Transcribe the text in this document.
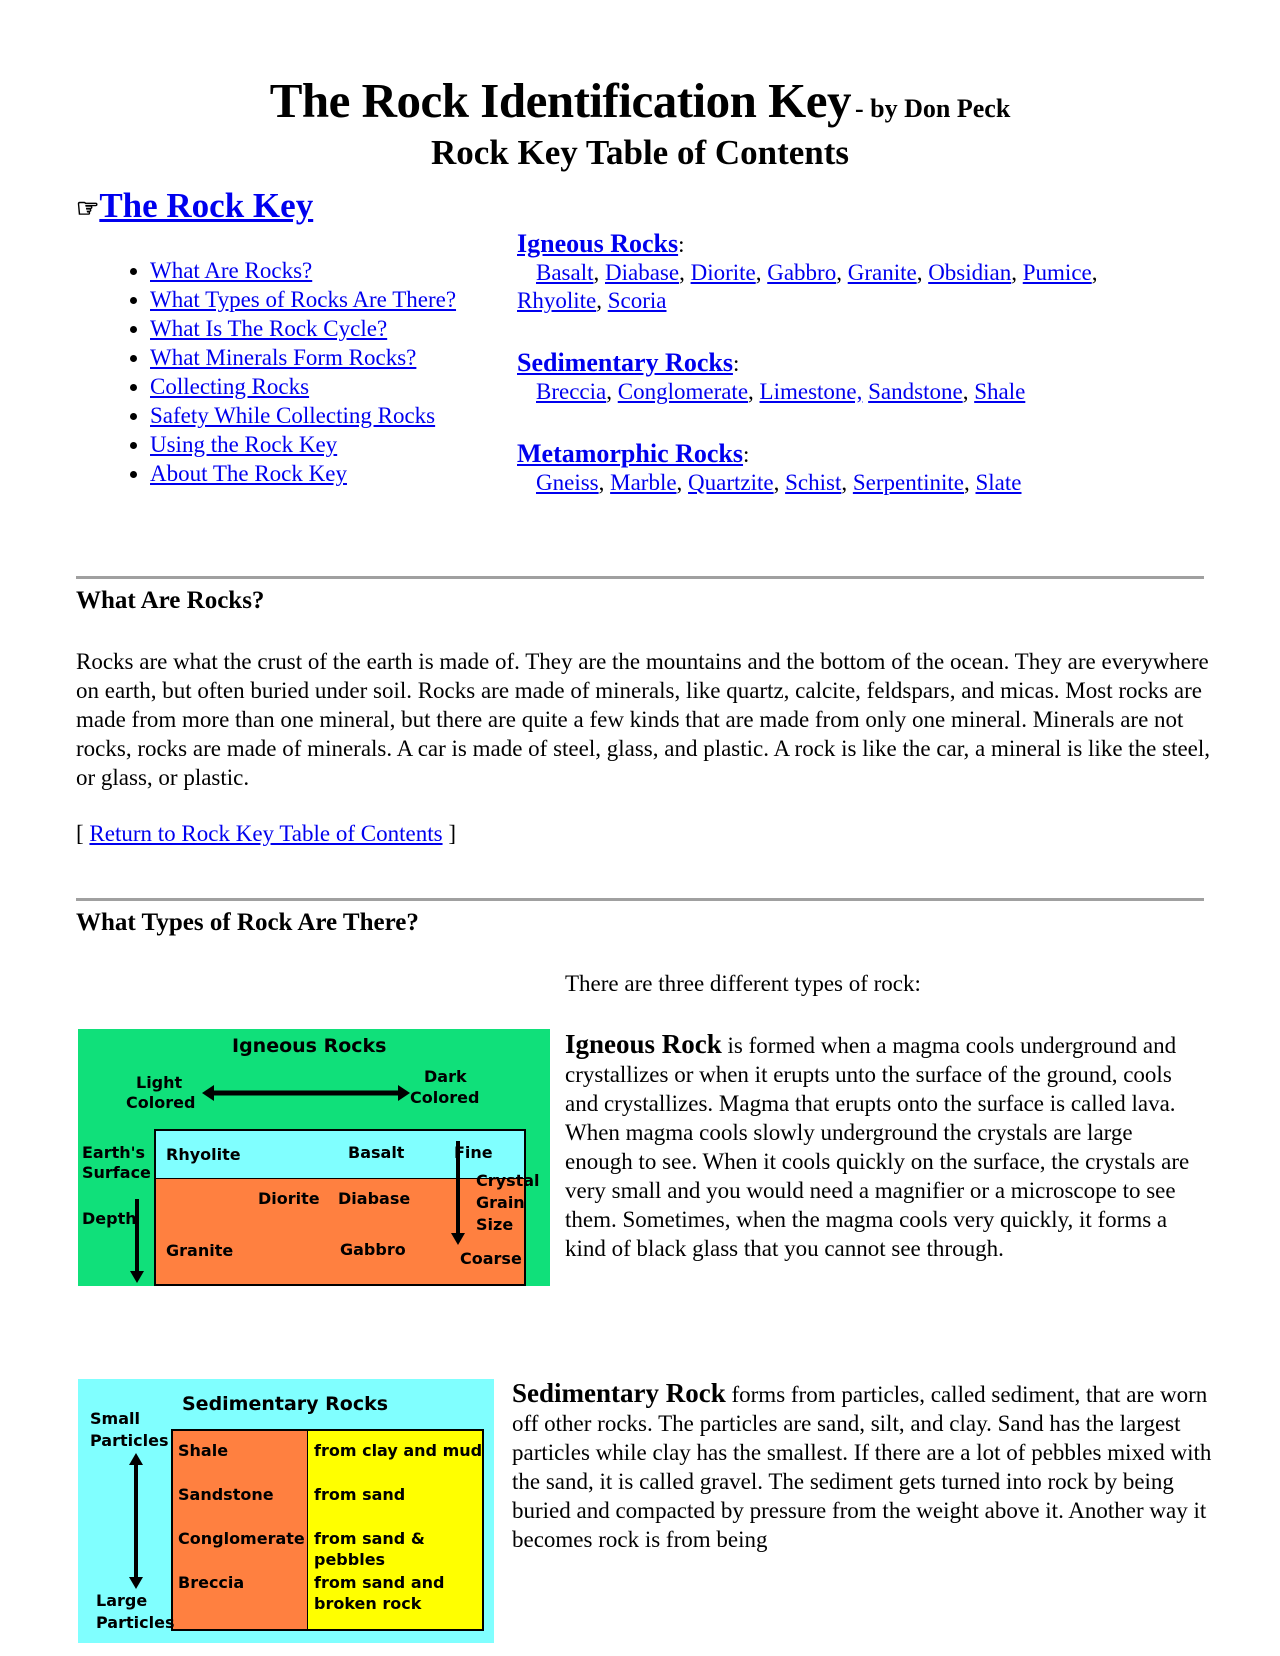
The Rock Identification Key - by Don Peck
Rock Key Table of Contents
☞The Rock Key
• What Are Rocks?
• What Types of Rocks Are There?
• What Is The Rock Cycle?
• What Minerals Form Rocks?
• Collecting Rocks
• Safety While Collecting Rocks
• Using the Rock Key
• About The Rock Key
Igneous Rocks:
Basalt, Diabase, Diorite, Gabbro, Granite, Obsidian, Pumice,
Rhyolite, Scoria
Sedimentary Rocks:
Breccia, Conglomerate, Limestone, Sandstone, Shale
Metamorphic Rocks:
Gneiss, Marble, Quartzite, Schist, Serpentinite, Slate
What Are Rocks?
Rocks are what the crust of the earth is made of. They are the mountains and the bottom of the ocean. They are everywhere on earth, but often buried under soil. Rocks are made of minerals, like quartz, calcite, feldspars, and micas. Most rocks are made from more than one mineral, but there are quite a few kinds that are made from only one mineral. Minerals are not rocks, rocks are made of minerals. A car is made of steel, glass, and plastic. A rock is like the car, a mineral is like the steel, or glass, or plastic.
[ Return to Rock Key Table of Contents ]
What Types of Rock Are There?
There are three different types of rock:
Igneous Rock is formed when a magma cools underground and crystallizes or when it erupts unto the surface of the ground, cools and crystallizes. Magma that erupts onto the surface is called lava. When magma cools slowly underground the crystals are large enough to see. When it cools quickly on the surface, the crystals are very small and you would need a magnifier or a microscope to see them. Sometimes, when the magma cools very quickly, it forms a kind of black glass that you cannot see through.
Sedimentary Rock forms from particles, called sediment, that are worn off other rocks. The particles are sand, silt, and clay. Sand has the largest particles while clay has the smallest. If there are a lot of pebbles mixed with the sand, it is called gravel. The sediment gets turned into rock by being buried and compacted by pressure from the weight above it. Another way it becomes rock is from being
Igneous Rocks
Light
Colored
Dark
Colored
Earth's
Surface
Depth
Rhyolite	Basalt
Diorite Diabase
Granite	Gabbro
Fine
Crystal
Grain
Size
Coarse
Sedimentary Rocks
Small
Particles
Large
Particles
Shale	from clay and mud
Sandstone	from sand
Conglomerate from sand &
pebbles
Breccia	from sand and
broken rock
